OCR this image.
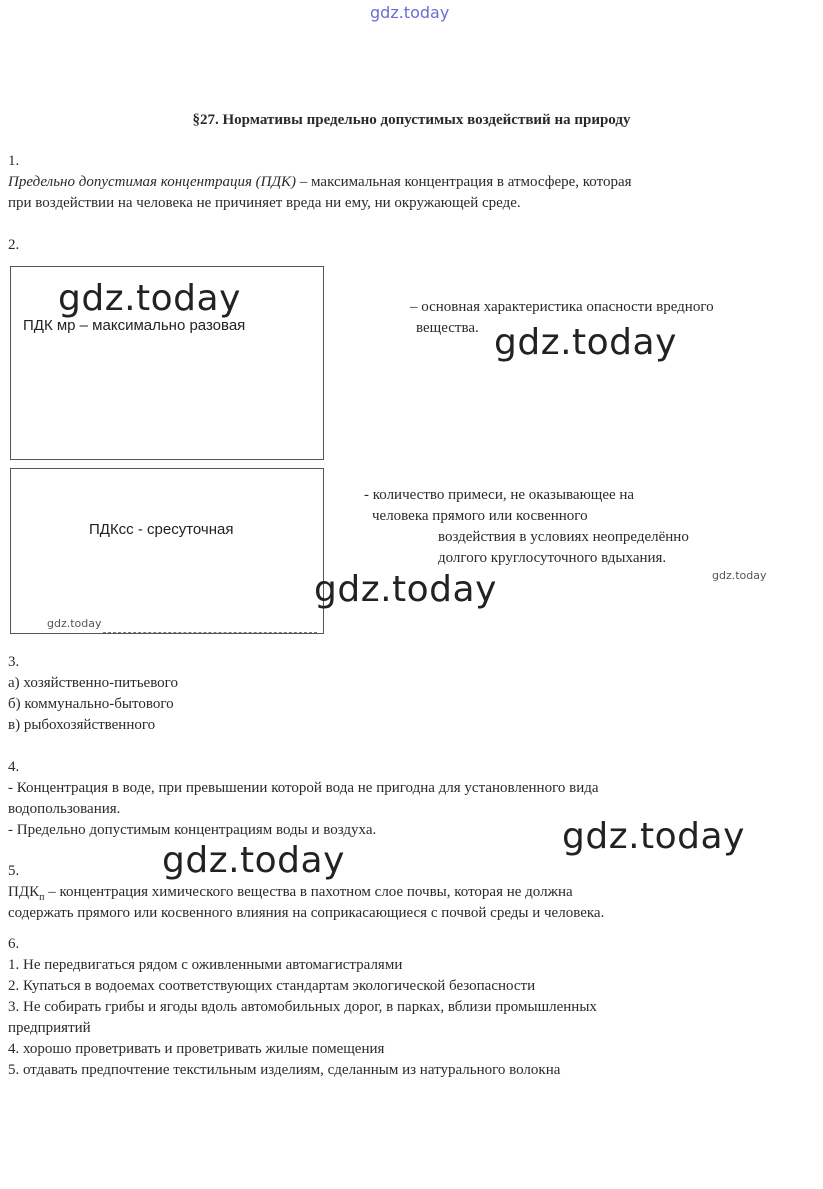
gdz.today
§27. Нормативы предельно допустимых воздействий на природу
1.
Предельно допустимая концентрация (ПДК) – максимальная концентрация в атмосфере, которая
при воздействии на человека не причиняет вреда ни ему, ни окружающей среде.
2.
ПДК мр – максимально разовая
– основная характеристика опасности вредного
вещества.
ПДКсс - сресуточная
gdz.today
- количество примеси, не оказывающее на
человека прямого или косвенного
воздействия в условиях неопределённо
долгого круглосуточного вдыхания.
gdz.today
gdz.today
gdz.today
gdz.today
gdz.today
gdz.today
3.
а) хозяйственно-питьевого
б) коммунально-бытового
в) рыбохозяйственного
4.
- Концентрация в воде, при превышении которой вода не пригодна для установленного вида
водопользования.
- Предельно допустимым концентрациям воды и воздуха.
5.
$ПДК_п$ – концентрация химического вещества в пахотном слое почвы, которая не должна
содержать прямого или косвенного влияния на соприкасающиеся с почвой среды и человека.
6.
1. Не передвигаться рядом с оживленными автомагистралями
2. Купаться в водоемах соответствующих стандартам экологической безопасности
3. Не собирать грибы и ягоды вдоль автомобильных дорог, в парках, вблизи промышленных
предприятий
4. хорошо проветривать и проветривать жилые помещения
5. отдавать предпочтение текстильным изделиям, сделанным из натурального волокна
